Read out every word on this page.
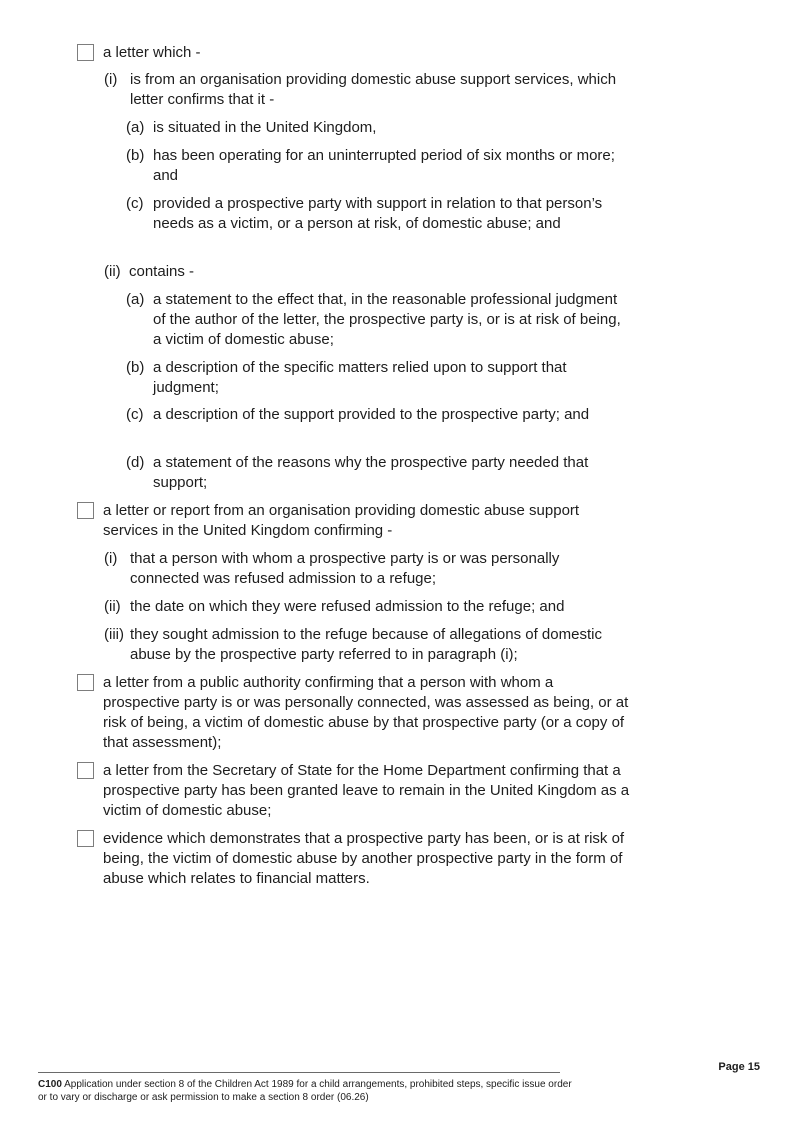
a letter which -
(i) is from an organisation providing domestic abuse support services, which letter confirms that it -
(a) is situated in the United Kingdom,
(b) has been operating for an uninterrupted period of six months or more; and
(c) provided a prospective party with support in relation to that person’s needs as a victim, or a person at risk, of domestic abuse; and
(ii) contains -
(a) a statement to the effect that, in the reasonable professional judgment of the author of the letter, the prospective party is, or is at risk of being, a victim of domestic abuse;
(b) a description of the specific matters relied upon to support that judgment;
(c) a description of the support provided to the prospective party; and
(d) a statement of the reasons why the prospective party needed that support;
a letter or report from an organisation providing domestic abuse support services in the United Kingdom confirming -
(i) that a person with whom a prospective party is or was personally connected was refused admission to a refuge;
(ii) the date on which they were refused admission to the refuge; and
(iii) they sought admission to the refuge because of allegations of domestic abuse by the prospective party referred to in paragraph (i);
a letter from a public authority confirming that a person with whom a prospective party is or was personally connected, was assessed as being, or at risk of being, a victim of domestic abuse by that prospective party (or a copy of that assessment);
a letter from the Secretary of State for the Home Department confirming that a prospective party has been granted leave to remain in the United Kingdom as a victim of domestic abuse;
evidence which demonstrates that a prospective party has been, or is at risk of being, the victim of domestic abuse by another prospective party in the form of abuse which relates to financial matters.
Page 15
C100 Application under section 8 of the Children Act 1989 for a child arrangements, prohibited steps, specific issue order or to vary or discharge or ask permission to make a section 8 order (06.26)
